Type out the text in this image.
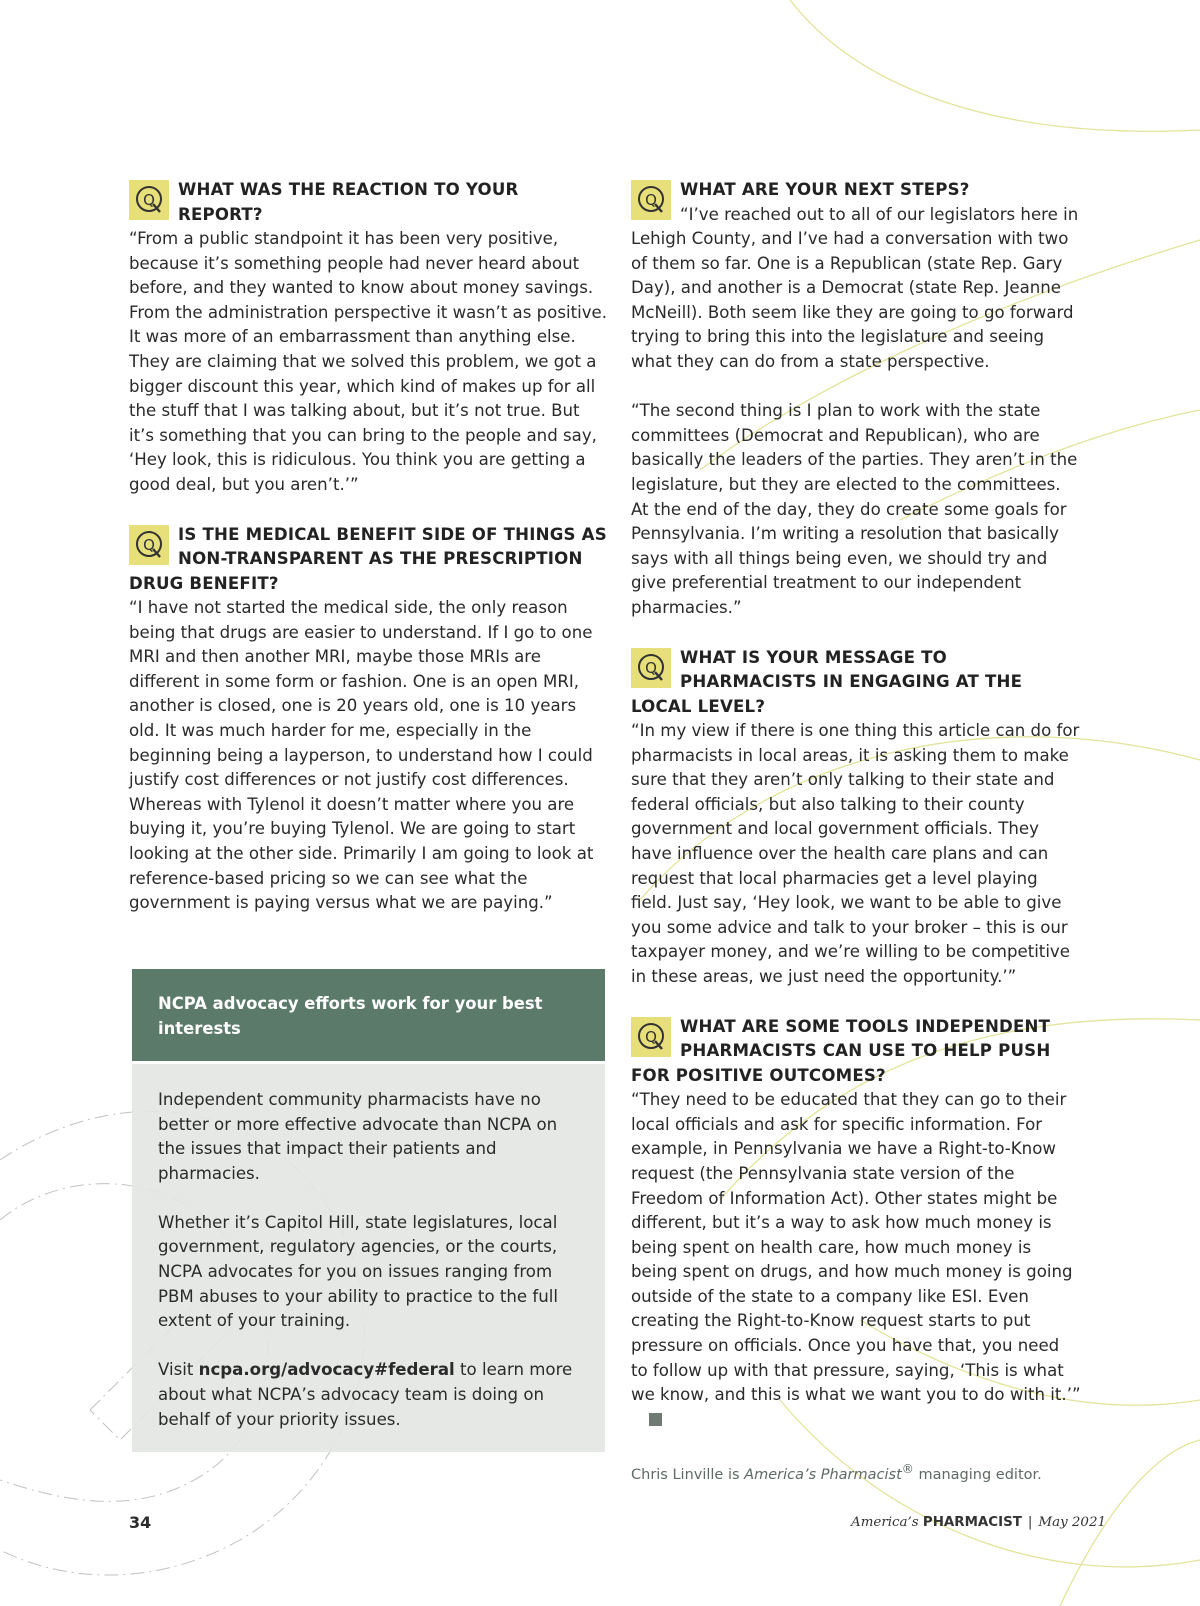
Q

WHAT WAS THE REACTION TO YOUR REPORT?

“From a public standpoint it has been very positive, because it’s something people had never heard about before, and they wanted to know about money savings. From the administration perspective it wasn’t as positive. It was more of an embarrassment than anything else. They are claiming that we solved this problem, we got a bigger discount this year, which kind of makes up for all the stuff that I was talking about, but it’s not true. But it’s something that you can bring to the people and say, ‘Hey look, this is ridiculous. You think you are getting a good deal, but you aren’t.’”

Q

IS THE MEDICAL BENEFIT SIDE OF THINGS AS NON-TRANSPARENT AS THE PRESCRIPTION DRUG BENEFIT?

“I have not started the medical side, the only reason being that drugs are easier to understand. If I go to one MRI and then another MRI, maybe those MRIs are different in some form or fashion. One is an open MRI, another is closed, one is 20 years old, one is 10 years old. It was much harder for me, especially in the beginning being a layperson, to understand how I could justify cost differences or not justify cost differences. Whereas with Tylenol it doesn’t matter where you are buying it, you’re buying Tylenol. We are going to start looking at the other side. Primarily I am going to look at reference-based pricing so we can see what the government is paying versus what we are paying.”

NCPA advocacy efforts work for your best interests

Independent community pharmacists have no better or more effective advocate than NCPA on the issues that impact their patients and pharmacies.

Whether it’s Capitol Hill, state legislatures, local government, regulatory agencies, or the courts, NCPA advocates for you on issues ranging from PBM abuses to your ability to practice to the full extent of your training.

Visit ncpa.org/advocacy#federal to learn more about what NCPA’s advocacy team is doing on behalf of your priority issues.

Q

WHAT ARE YOUR NEXT STEPS?

“I’ve reached out to all of our legislators here in Lehigh County, and I’ve had a conversation with two of them so far. One is a Republican (state Rep. Gary Day), and another is a Democrat (state Rep. Jeanne McNeill). Both seem like they are going to go forward trying to bring this into the legislature and seeing what they can do from a state perspective.

“The second thing is I plan to work with the state committees (Democrat and Republican), who are basically the leaders of the parties. They aren’t in the legislature, but they are elected to the committees. At the end of the day, they do create some goals for Pennsylvania. I’m writing a resolution that basically says with all things being even, we should try and give preferential treatment to our independent pharmacies.”

Q

WHAT IS YOUR MESSAGE TO PHARMACISTS IN ENGAGING AT THE LOCAL LEVEL?

“In my view if there is one thing this article can do for pharmacists in local areas, it is asking them to make sure that they aren’t only talking to their state and federal officials, but also talking to their county government and local government officials. They have influence over the health care plans and can request that local pharmacies get a level playing field. Just say, ‘Hey look, we want to be able to give you some advice and talk to your broker – this is our taxpayer money, and we’re willing to be competitive in these areas, we just need the opportunity.’”

Q

WHAT ARE SOME TOOLS INDEPENDENT PHARMACISTS CAN USE TO HELP PUSH FOR POSITIVE OUTCOMES?

“They need to be educated that they can go to their local officials and ask for specific information. For example, in Pennsylvania we have a Right-to-Know request (the Pennsylvania state version of the Freedom of Information Act). Other states might be different, but it’s a way to ask how much money is being spent on health care, how much money is being spent on drugs, and how much money is going outside of the state to a company like ESI. Even creating the Right-to-Know request starts to put pressure on officials. Once you have that, you need to follow up with that pressure, saying, ‘This is what we know, and this is what we want you to do with it.’”

Chris Linville is America’s Pharmacist® managing editor.
34	America’s PHARMACIST | May 2021
